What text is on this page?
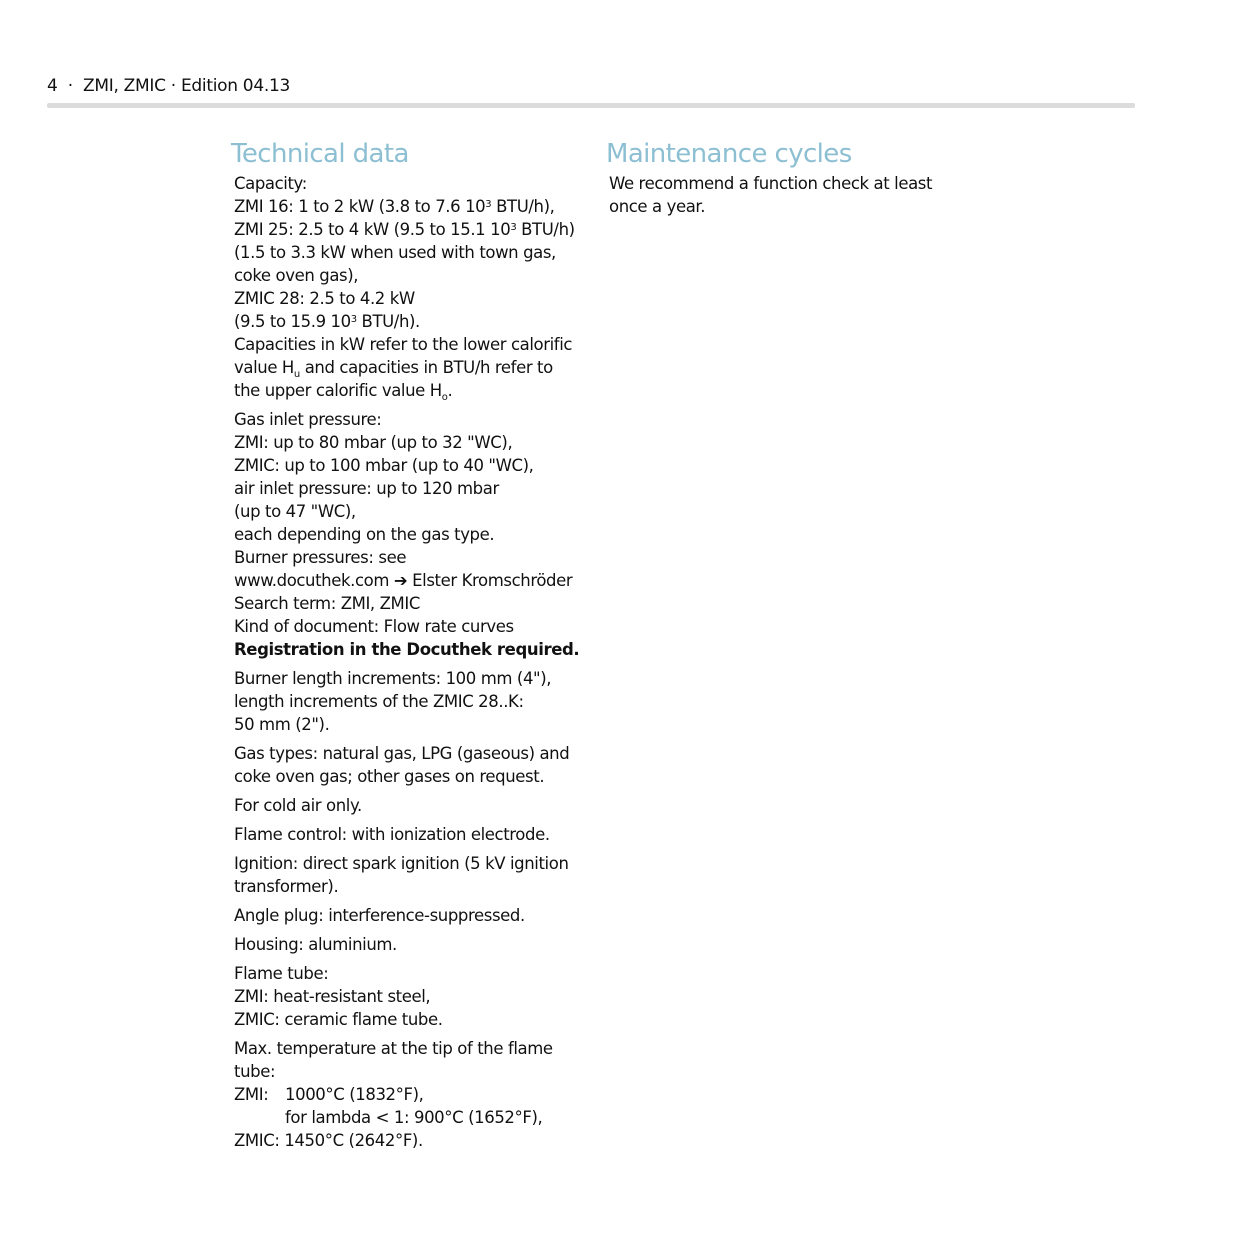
4  ·  ZMI, ZMIC · Edition 04.13
Technical data
Capacity:
ZMI 16: 1 to 2 kW (3.8 to 7.6 $10^3$ BTU/h),
ZMI 25: 2.5 to 4 kW (9.5 to 15.1 $10^3$ BTU/h)
(1.5 to 3.3 kW when used with town gas,
coke oven gas),
ZMIC 28: 2.5 to 4.2 kW
(9.5 to 15.9 $10^3$ BTU/h).
Capacities in kW refer to the lower calorific
value $H_u$ and capacities in BTU/h refer to
the upper calorific value $H_o$.
Gas inlet pressure:
ZMI: up to 80 mbar (up to 32 "WC),
ZMIC: up to 100 mbar (up to 40 "WC),
air inlet pressure: up to 120 mbar
(up to 47 "WC),
each depending on the gas type.
Burner pressures: see
www.docuthek.com ➔ Elster Kromschröder
Search term: ZMI, ZMIC
Kind of document: Flow rate curves
Registration in the Docuthek required.
Burner length increments: 100 mm (4"),
length increments of the ZMIC 28..K:
50 mm (2").
Gas types: natural gas, LPG (gaseous) and
coke oven gas; other gases on request.
For cold air only.
Flame control: with ionization electrode.
Ignition: direct spark ignition (5 kV ignition
transformer).
Angle plug: interference-suppressed.
Housing: aluminium.
Flame tube:
ZMI: heat-resistant steel,
ZMIC: ceramic flame tube.
Max. temperature at the tip of the flame
tube:
ZMI: 1000°C (1832°F),
for lambda < 1: 900°C (1652°F),
ZMIC: 1450°C (2642°F).
Maintenance cycles
We recommend a function check at least
once a year.
